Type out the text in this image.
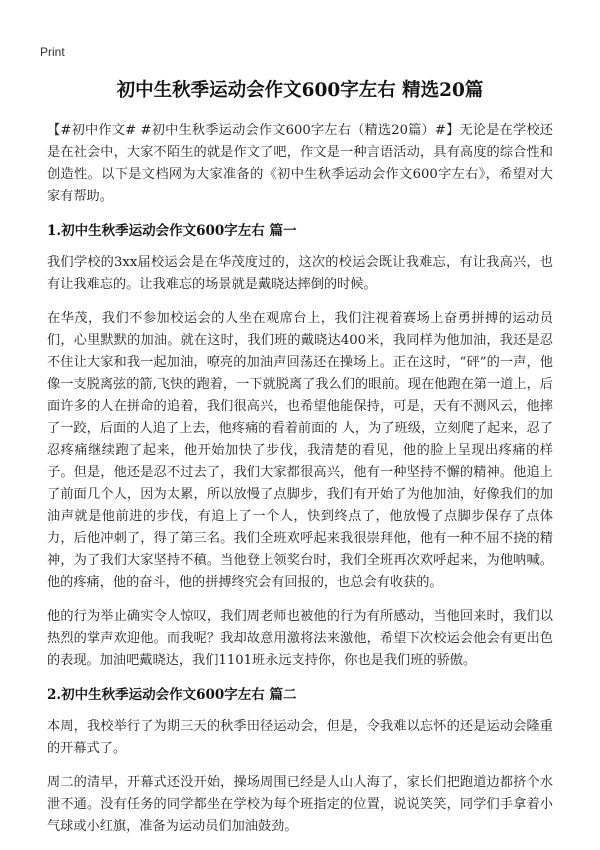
Print
初中生秋季运动会作文600字左右 精选20篇

【#初中作文# #初中生秋季运动会作文600字左右（精选20篇）#】无论是在学校还是在社会中，大家不陌生的就是作文了吧，作文是一种言语活动，具有高度的综合性和创造性。以下是文档网为大家准备的《初中生秋季运动会作文600字左右》，希望对大家有帮助。

1.初中生秋季运动会作文600字左右 篇一

我们学校的3xx届校运会是在华茂度过的，这次的校运会既让我难忘，有让我高兴，也有让我难忘的。让我难忘的场景就是戴晓达摔倒的时候。

在华茂，我们不参加校运会的人坐在观席台上，我们注视着赛场上奋勇拼搏的运动员们，心里默默的加油。就在这时，我们班的戴晓达400米，我同样为他加油，我还是忍不住让大家和我一起加油，嘹亮的加油声回荡还在操场上。正在这时，“砰”的一声，他像一支脱离弦的箭,飞快的跑着，一下就脱离了我么们的眼前。现在他跑在第一道上，后面许多的人在拼命的追着，我们很高兴，也希望他能保持，可是，天有不测风云，他摔了一跤，后面的人追了上去，他疼痛的看着前面的 人，为了班级，立刻爬了起来，忍了忍疼痛继续跑了起来，他开始加快了步伐，我清楚的看见，他的脸上呈现出疼痛的样子。但是，他还是忍不过去了，我们大家都很高兴，他有一种坚持不懈的精神。他追上了前面几个人，因为太累，所以放慢了点脚步，我们有开始了为他加油，好像我们的加油声就是他前进的步伐，有追上了一个人，快到终点了，他放慢了点脚步保存了点体力，后他冲刺了，得了第三名。我们全班欢呼起来我很崇拜他，他有一种不屈不挠的精神，为了我们大家坚持不稹。当他登上领奖台时，我们全班再次欢呼起来，为他呐喊。他的疼痛，他的奋斗，他的拼搏终究会有回报的，也总会有收获的。

他的行为举止确实令人惊叹，我们周老师也被他的行为有所感动，当他回来时，我们以热烈的掌声欢迎他。而我呢？我却故意用激将法来激他，希望下次校运会他会有更出色的表现。加油吧戴晓达，我们1101班永远支持你，你也是我们班的骄傲。

2.初中生秋季运动会作文600字左右 篇二

本周，我校举行了为期三天的秋季田径运动会，但是，令我难以忘怀的还是运动会隆重的开幕式了。

周二的清早，开幕式还没开始，操场周围已经是人山人海了，家长们把跑道边都挤个水泄不通。没有任务的同学都坐在学校为每个班指定的位置，说说笑笑，同学们手拿着小气球或小红旗，准备为运动员们加油鼓劲。
